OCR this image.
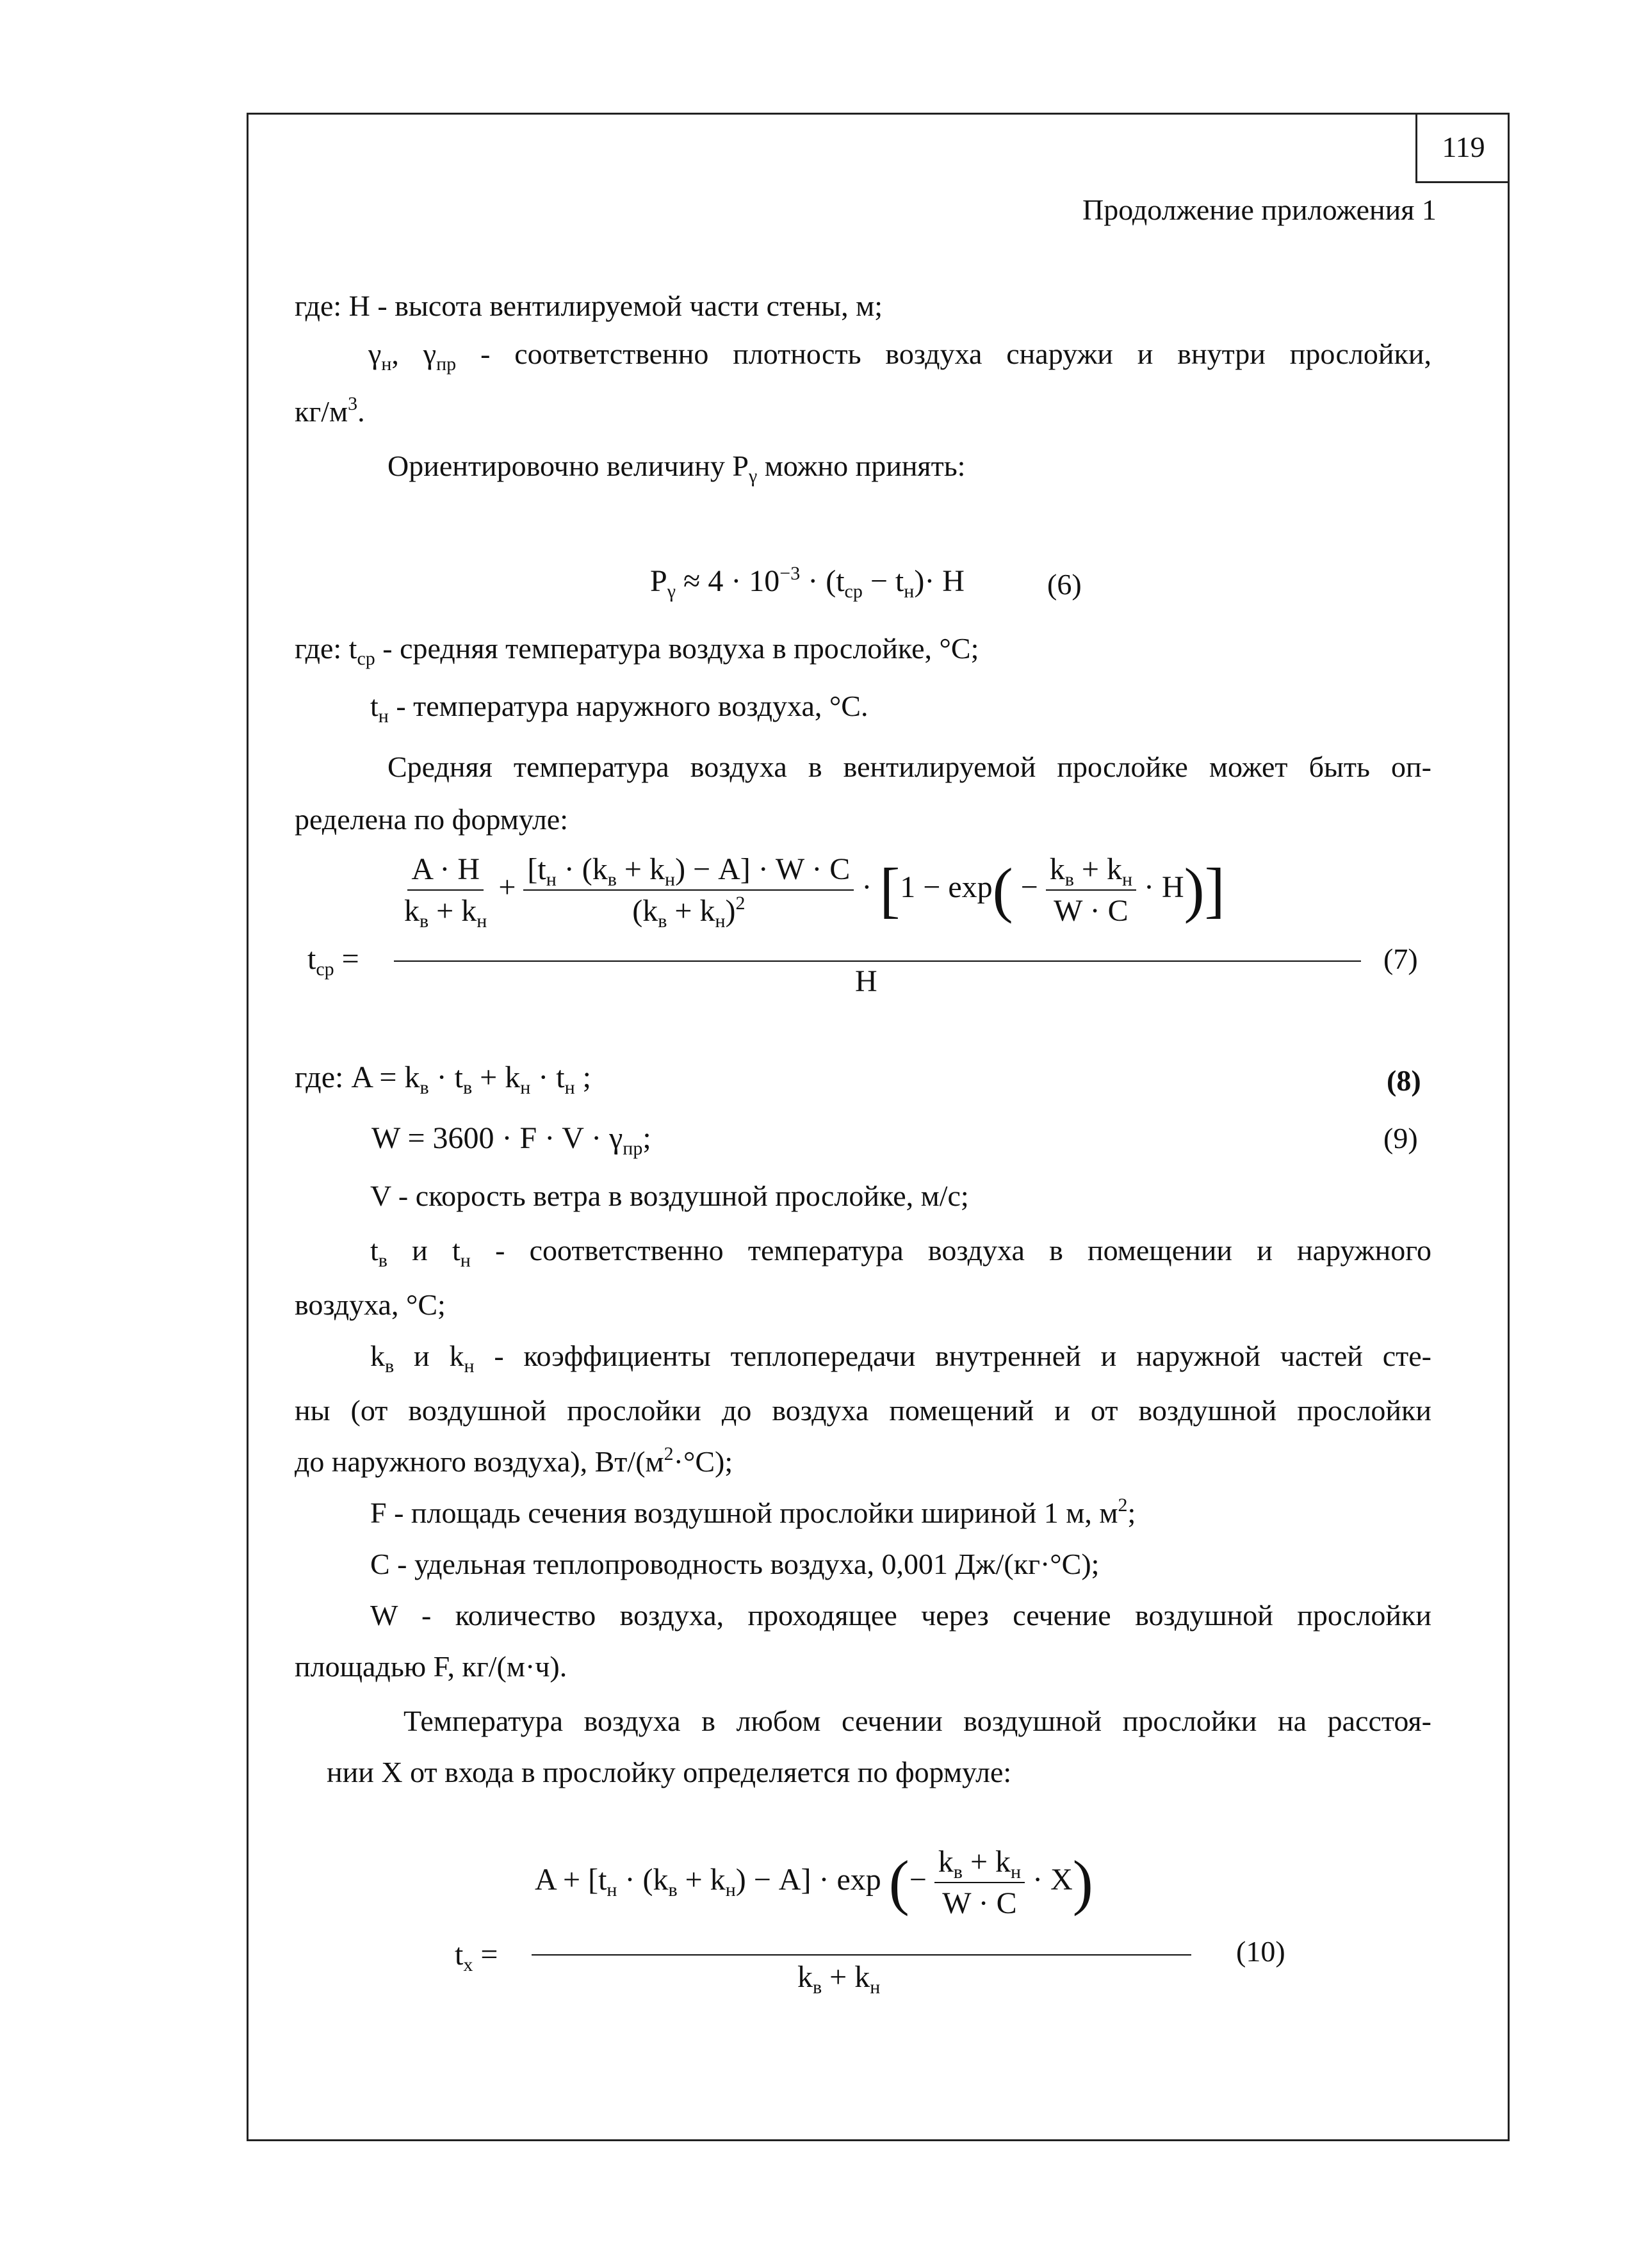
119
Продолжение приложения 1
где: H - высота вентилируемой части стены, м;
$\gamma_н$, $\gamma_{пр}$ - соответственно плотность воздуха снаружи и внутри прослойки,
$кг/м^3$.
Ориентировочно величину $P_\gamma$ можно принять:
$P_\gamma \approx 4 \cdot 10^{-3} \cdot (t_{ср} - t_н)\cdot H$	(6)
где: $t_{ср}$ - средняя температура воздуха в прослойке, °C;
$t_н$ - температура наружного воздуха, °C.
Средняя температура воздуха в вентилируемой прослойке может быть оп-
ределена по формуле:
$t_{ср}$ =
$\frac{A \cdot H}{k_в + k_н} + \frac{[t_н \cdot (k_в + k_н) - A] \cdot W \cdot C}{(k_в + k_н)^2} \cdot [1 - \exp( - \frac{k_в + k_н}{W \cdot C} \cdot H)]$
H
(7)
где: $A = k_в \cdot t_в + k_н \cdot t_н$ ;	(8)
$W = 3600 \cdot F \cdot V \cdot \gamma_{пр}$;	(9)
V - скорость ветра в воздушной прослойке, м/с;
$t_в$ и $t_н$ - соответственно температура воздуха в помещении и наружного
воздуха, °C;
$k_в$ и $k_н$ - коэффициенты теплопередачи внутренней и наружной частей сте-
ны (от воздушной прослойки до воздуха помещений и от воздушной прослойки
до наружного воздуха), $Вт/(м^2\cdot^\circ C)$;
F - площадь сечения воздушной прослойки шириной 1 м, $м^2$;
C - удельная теплопроводность воздуха, 0,001 Дж/(кг·°C);
W - количество воздуха, проходящее через сечение воздушной прослойки
площадью F, кг/(м·ч).
Температура воздуха в любом сечении воздушной прослойки на расстоя-
нии X от входа в прослойку определяется по формуле:
$t_x$ =
$A + [t_н \cdot (k_в + k_н) - A] \cdot \exp$ (− $\frac{k_в + k_н}{W \cdot C} \cdot X$)
$k_в + k_н$
(10)
